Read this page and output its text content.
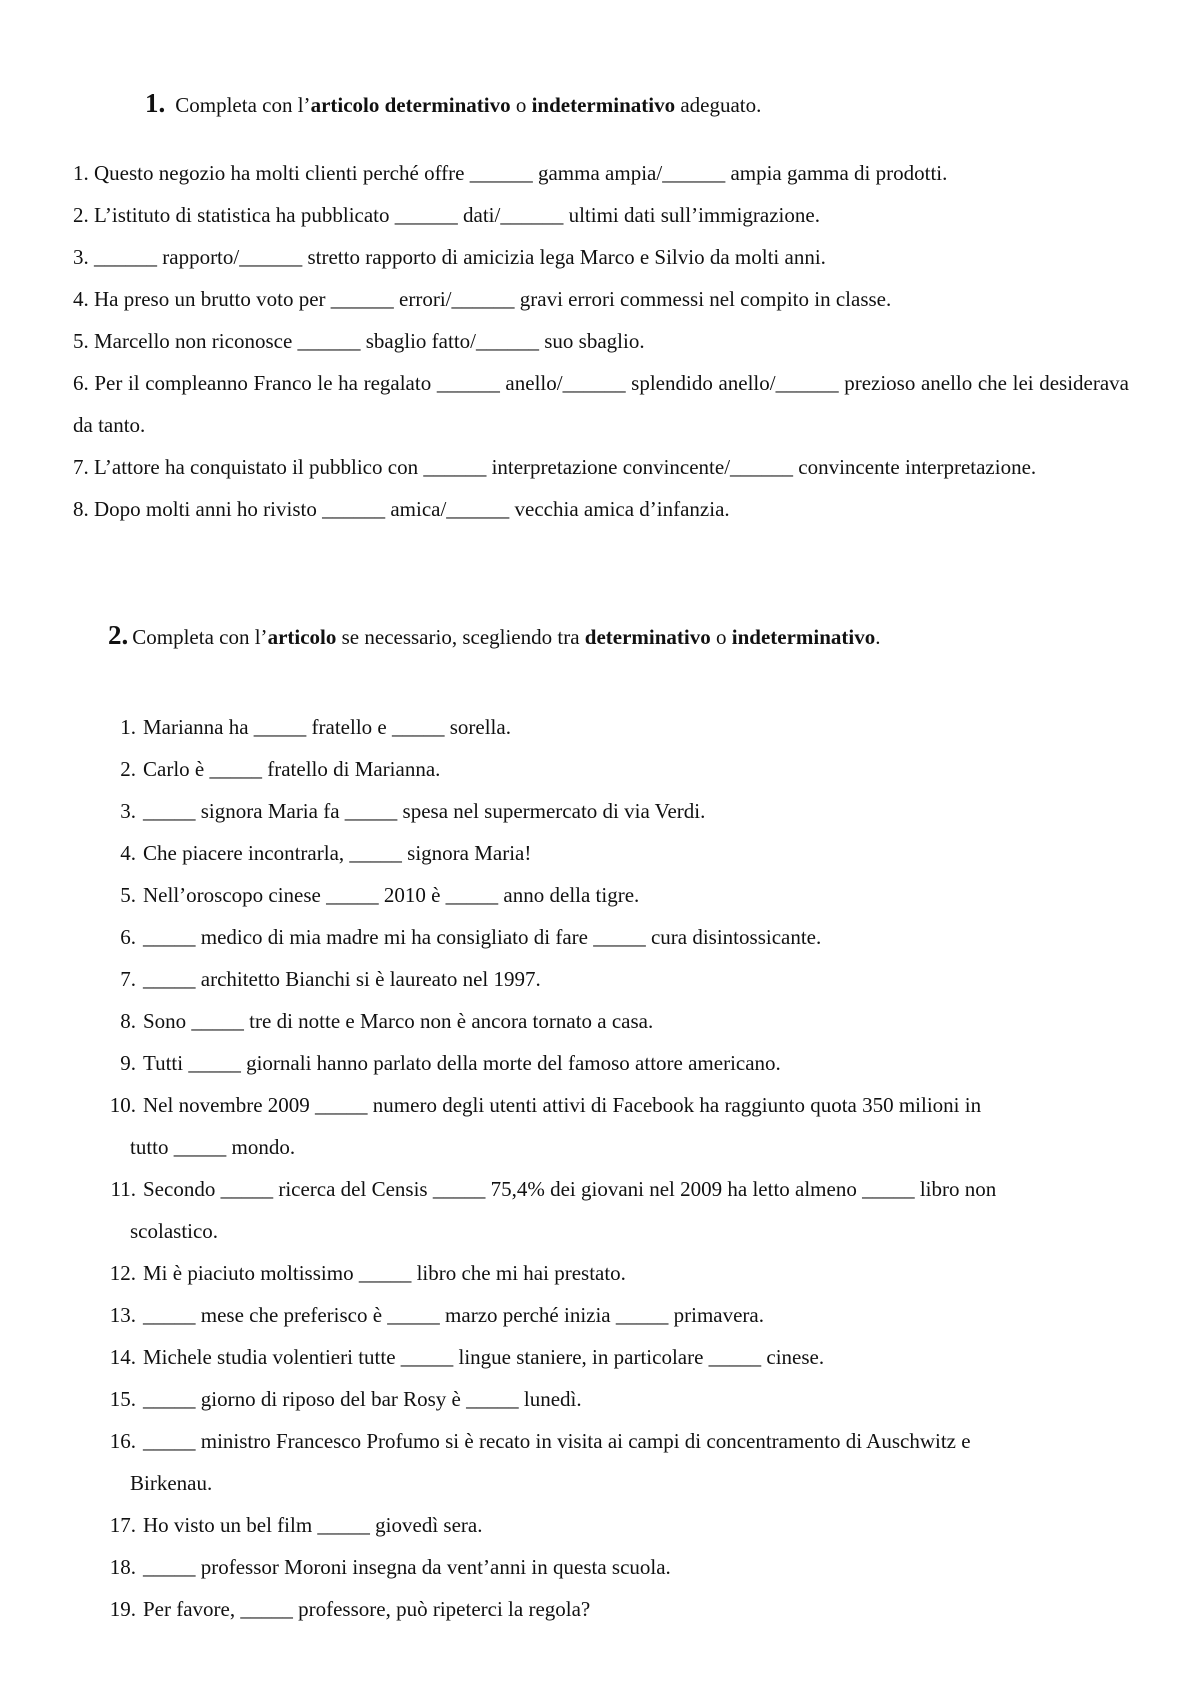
1. Completa con l’articolo determinativo o indeterminativo adeguato.

1. Questo negozio ha molti clienti perché offre ______ gamma ampia/______ ampia gamma di prodotti.

2. L’istituto di statistica ha pubblicato ______ dati/______ ultimi dati sull’immigrazione.

3. ______ rapporto/______ stretto rapporto di amicizia lega Marco e Silvio da molti anni.

4. Ha preso un brutto voto per ______ errori/______ gravi errori commessi nel compito in classe.

5. Marcello non riconosce ______ sbaglio fatto/______ suo sbaglio.

6. Per il compleanno Franco le ha regalato ______ anello/______ splendido anello/______ prezioso anello che lei desiderava da tanto.

7. L’attore ha conquistato il pubblico con ______ interpretazione convincente/______ convincente interpretazione.

8. Dopo molti anni ho rivisto ______ amica/______ vecchia amica d’infanzia.

2. Completa con l’articolo se necessario, scegliendo tra determinativo o indeterminativo.

1. Marianna ha _____ fratello e _____ sorella.

2. Carlo è _____ fratello di Marianna.

3. _____ signora Maria fa _____ spesa nel supermercato di via Verdi.

4. Che piacere incontrarla, _____ signora Maria!

5. Nell’oroscopo cinese _____ 2010 è _____ anno della tigre.

6. _____ medico di mia madre mi ha consigliato di fare _____ cura disintossicante.

7. _____ architetto Bianchi si è laureato nel 1997.

8. Sono _____ tre di notte e Marco non è ancora tornato a casa.

9. Tutti _____ giornali hanno parlato della morte del famoso attore americano.

10. Nel novembre 2009 _____ numero degli utenti attivi di Facebook ha raggiunto quota 350 milioni in
tutto _____ mondo.

11. Secondo _____ ricerca del Censis _____ 75,4% dei giovani nel 2009 ha letto almeno _____ libro non
scolastico.

12. Mi è piaciuto moltissimo _____ libro che mi hai prestato.

13. _____ mese che preferisco è _____ marzo perché inizia _____ primavera.

14. Michele studia volentieri tutte _____ lingue staniere, in particolare _____ cinese.

15. _____ giorno di riposo del bar Rosy è _____ lunedì.

16. _____ ministro Francesco Profumo si è recato in visita ai campi di concentramento di Auschwitz e
Birkenau.

17. Ho visto un bel film _____ giovedì sera.

18. _____ professor Moroni insegna da vent’anni in questa scuola.

19. Per favore, _____ professore, può ripeterci la regola?
